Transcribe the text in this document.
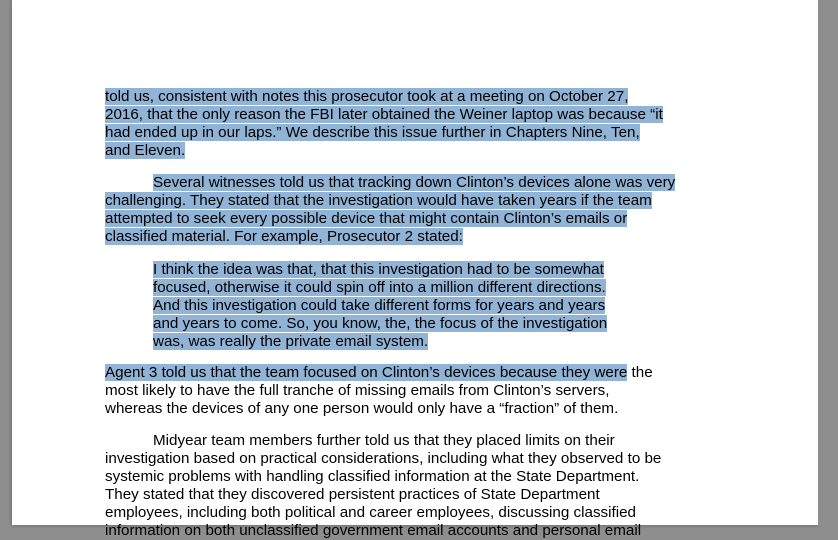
told us, consistent with notes this prosecutor took at a meeting on October 27,
2016, that the only reason the FBI later obtained the Weiner laptop was because “it
had ended up in our laps.” We describe this issue further in Chapters Nine, Ten,
and Eleven.
Several witnesses told us that tracking down Clinton’s devices alone was very
challenging. They stated that the investigation would have taken years if the team
attempted to seek every possible device that might contain Clinton’s emails or
classified material. For example, Prosecutor 2 stated:
I think the idea was that, that this investigation had to be somewhat
focused, otherwise it could spin off into a million different directions.
And this investigation could take different forms for years and years
and years to come. So, you know, the, the focus of the investigation
was, was really the private email system.
Agent 3 told us that the team focused on Clinton’s devices because they were the
most likely to have the full tranche of missing emails from Clinton’s servers,
whereas the devices of any one person would only have a “fraction” of them.
Midyear team members further told us that they placed limits on their
investigation based on practical considerations, including what they observed to be
systemic problems with handling classified information at the State Department.
They stated that they discovered persistent practices of State Department
employees, including both political and career employees, discussing classified
information on both unclassified government email accounts and personal email
